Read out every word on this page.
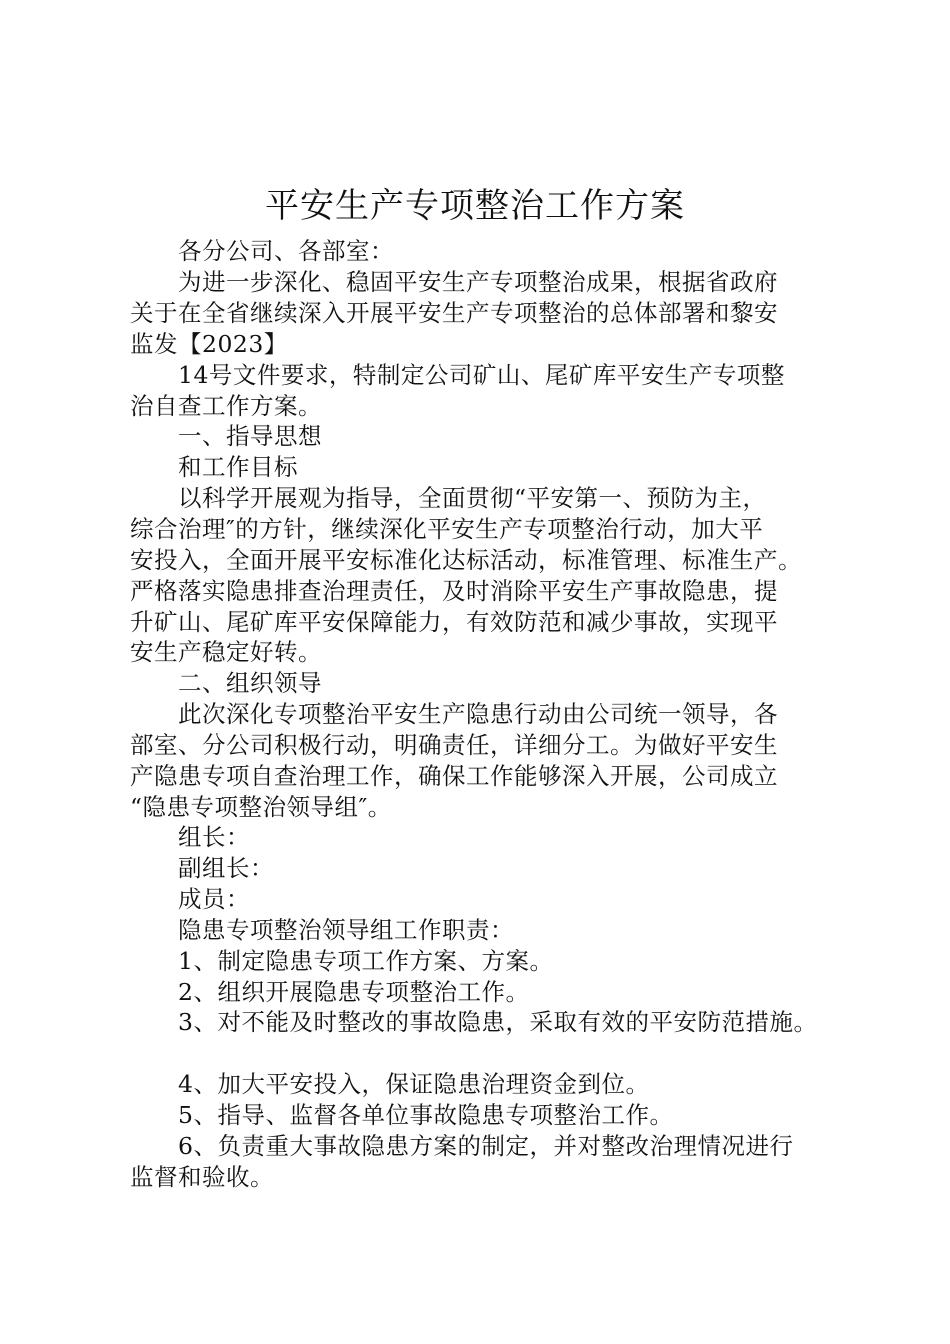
平安生产专项整治工作方案
各分公司、各部室：
为进一步深化、稳固平安生产专项整治成果，根据省政府
关于在全省继续深入开展平安生产专项整治的总体部署和黎安
监发【2023】
14号文件要求，特制定公司矿山、尾矿库平安生产专项整
治自查工作方案。
一、指导思想
和工作目标
以科学开展观为指导，全面贯彻“平安第一、预防为主，
综合治理″的方针，继续深化平安生产专项整治行动，加大平
安投入，全面开展平安标准化达标活动，标准管理、标准生产。
严格落实隐患排查治理责任，及时消除平安生产事故隐患，提
升矿山、尾矿库平安保障能力，有效防范和减少事故，实现平
安生产稳定好转。
二、组织领导
此次深化专项整治平安生产隐患行动由公司统一领导，各
部室、分公司积极行动，明确责任，详细分工。为做好平安生
产隐患专项自查治理工作，确保工作能够深入开展，公司成立
“隐患专项整治领导组″。
组长：
副组长：
成员：
隐患专项整治领导组工作职责：
1、制定隐患专项工作方案、方案。
2、组织开展隐患专项整治工作。
3、对不能及时整改的事故隐患，采取有效的平安防范措施。
4、加大平安投入，保证隐患治理资金到位。
5、指导、监督各单位事故隐患专项整治工作。
6、负责重大事故隐患方案的制定，并对整改治理情况进行
监督和验收。
